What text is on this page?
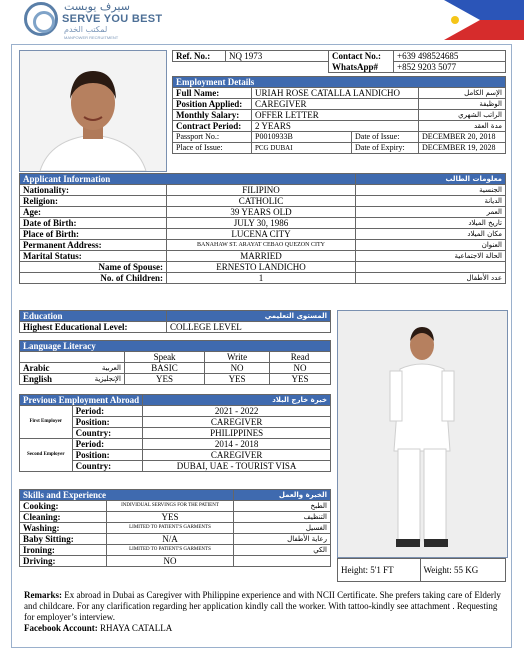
سيرف يوبست
SERVE YOU BEST
لمكتب الخدم
MANPOWER RECRUITMENT
Ref. No.:	NQ 1973	Contact No.:	+639 498524685
		WhatsApp#	+852 9203 5077
Employment Details			
Full Name:	URIAH ROSE CATALLA LANDICHO		الإسم الكامل
Position Applied:	CAREGIVER		الوظيفة
Monthly Salary:	OFFER LETTER		الراتب الشهري
Contract Period:	2 YEARS		مدة العقد
Passport No.:	P0010933B	Date of Issue:	DECEMBER 20, 2018
Place of Issue:	PCG DUBAI	Date of Expiry:	DECEMBER 19, 2028
Applicant Information		معلومات الطالب
Nationality:	FILIPINO	الجنسية
Religion:	CATHOLIC	الديانة
Age:	39 YEARS OLD	العمر
Date of Birth:	JULY 30, 1986	تاريخ الميلاد
Place of Birth:	LUCENA CITY	مكان الميلاد
Permanent Address:	BANAHAW ST. ARAYAT CEBAO QUEZON CITY	العنوان
Marital Status:	MARRIED	الحالة الاجتماعية
Name of Spouse:	ERNESTO LANDICHO	
No. of Children:	1	عدد الأطفال
Education	المستوى التعليمي
Highest Educational Level:	COLLEGE LEVEL
Language Literacy				
		Speak	Write	Read
Arabic	العربية	BASIC	NO	NO
English	الإنجليزية	YES	YES	YES
Previous Employment Abroad		خبرة خارج البلاد
First Employer	Period:	2021 - 2022
	Position:	CAREGIVER
	Country:	PHILIPPINES
Second Employer	Period:	2014 - 2018
	Position:	CAREGIVER
	Country:	DUBAI, UAE - TOURIST VISA
Skills and Experience		الخبرة والعمل
Cooking:	INDIVIDUAL SERVINGS FOR THE PATIENT	الطبخ
Cleaning:	YES	التنظيف
Washing:	LIMITED TO PATIENT'S GARMENTS	الغسيل
Baby Sitting:	N/A	رعاية الأطفال
Ironing:	LIMITED TO PATIENT'S GARMENTS	الكي
Driving:	NO	
Height: 5'1 FT	Weight: 55 KG
Remarks: Ex abroad in Dubai as Caregiver with Philippine experience and with NCII Certificate. She prefers taking care of Elderly and childcare. For any clarification regarding her application kindly call the worker. With tattoo-kindly see attachment . Requesting for employer’s interview.
Facebook Account: RHAYA CATALLA
